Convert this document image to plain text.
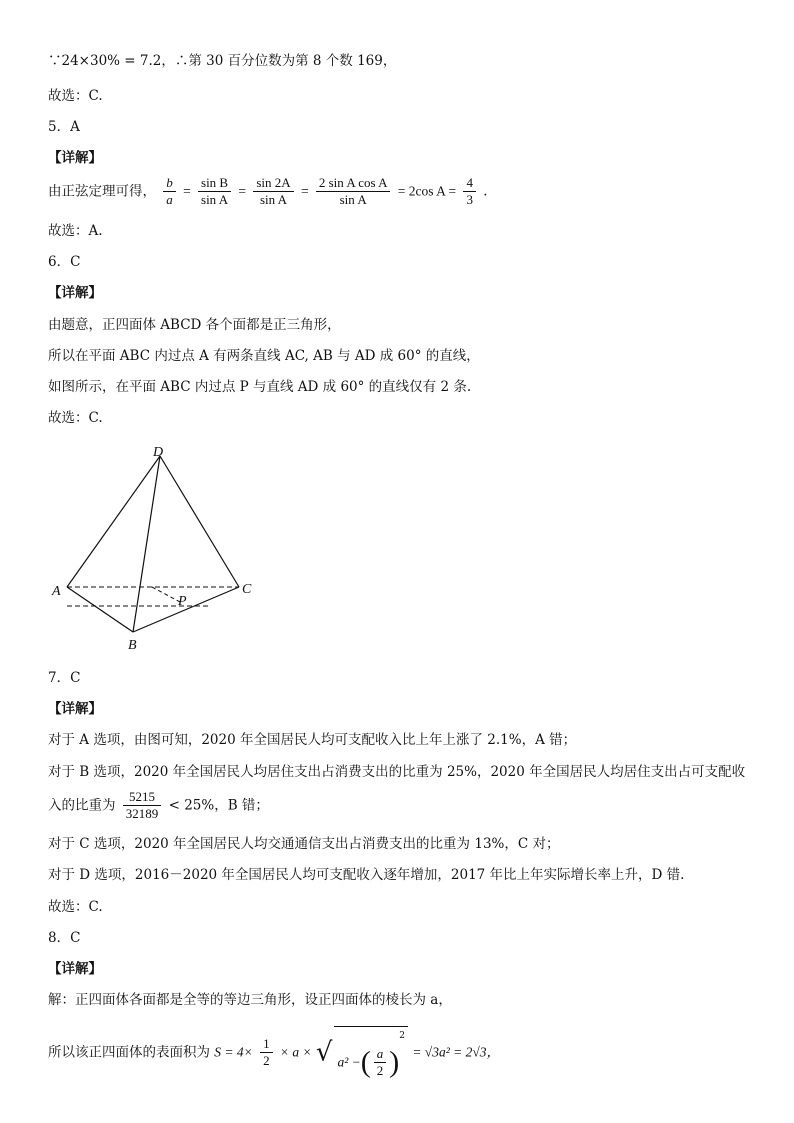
∵24×30% = 7.2，∴第 30 百分位数为第 8 个数 169，
故选：C.
5．A
【详解】
由正弦定理可得， $\frac{b}{a} = \frac{\text{sin B}}{\text{sin A}} = \frac{\sin 2A}{\text{sin A}} = \frac{\text{2 sin A cos A}}{\text{sin A}} = 2\cos$ $A = \frac{4}{3}$ .
故选：A.
6．C
【详解】
由题意，正四面体 ABCD 各个面都是正三角形，
所以在平面 ABC 内过点 A 有两条直线 AC, AB 与 AD 成 60° 的直线，
如图所示，在平面 ABC 内过点 P 与直线 AD 成 60° 的直线仅有 2 条.
故选：C.
D
A	C
B
P
7．C
【详解】
对于 A 选项，由图可知，2020 年全国居民人均可支配收入比上年上涨了 2.1%，A 错；
对于 B 选项，2020 年全国居民人均居住支出占消费支出的比重为 25%，2020 年全国居民人均居住支出占可支配收
入的比重为 $\frac{5215}{32189} < 25\%$，B 错；
对于 C 选项，2020 年全国居民人均交通通信支出占消费支出的比重为 13%，C 对；
对于 D 选项，2016－2020 年全国居民人均可支配收入逐年增加，2017 年比上年实际增长率上升，D 错.
故选：C.
8．C
【详解】
解：正四面体各面都是全等的等边三角形，设正四面体的棱长为 a，
所以该正四面体的表面积为 $S = 4\times \frac{1}{2} \times a$ × √ a² −( $\frac{a}{2} )^2 = √3a^2 = 2√3$，
